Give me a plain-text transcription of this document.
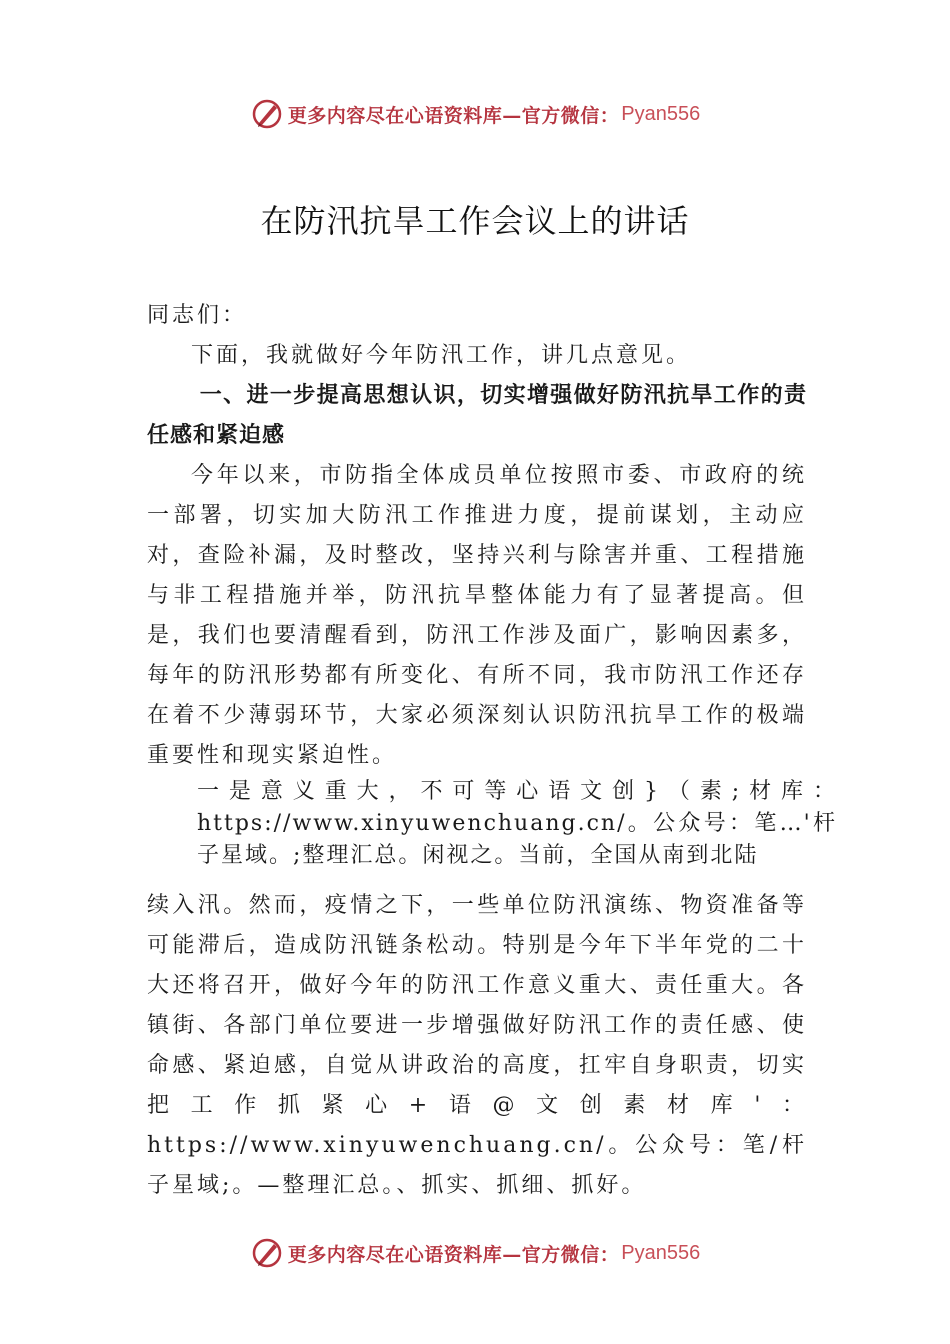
更多内容尽在心语资料库—官方微信： Pyan556
在防汛抗旱工作会议上的讲话

同志们：

下面，我就做好今年防汛工作，讲几点意见。

一、进一步提高思想认识，切实增强做好防汛抗旱工作的责任感和紧迫感

今年以来，市防指全体成员单位按照市委、市政府的统一部署，切实加大防汛工作推进力度，提前谋划，主动应对，查险补漏，及时整改，坚持兴利与除害并重、工程措施与非工程措施并举，防汛抗旱整体能力有了显著提高。但是，我们也要清醒看到，防汛工作涉及面广，影响因素多，每年的防汛形势都有所变化、有所不同，我市防汛工作还存在着不少薄弱环节，大家必须深刻认识防汛抗旱工作的极端重要性和现实紧迫性。

一是意义重大，不可等心语文创}（素;材库：https://www.xinyuwenchuang.cn/。公众号：笔…'杆子星域。;整理汇总。闲视之。当前，全国从南到北陆

续入汛。然而，疫情之下，一些单位防汛演练、物资准备等可能滞后，造成防汛链条松动。特别是今年下半年党的二十大还将召开，做好今年的防汛工作意义重大、责任重大。各镇街、各部门单位要进一步增强做好防汛工作的责任感、使命感、紧迫感，自觉从讲政治的高度，扛牢自身职责，切实把工作抓紧心+语@文创素材库'：https://www.xinyuwenchuang.cn/。公众号：笔/杆子星域;。—整理汇总。、抓实、抓细、抓好。

更多内容尽在心语资料库—官方微信： Pyan556
